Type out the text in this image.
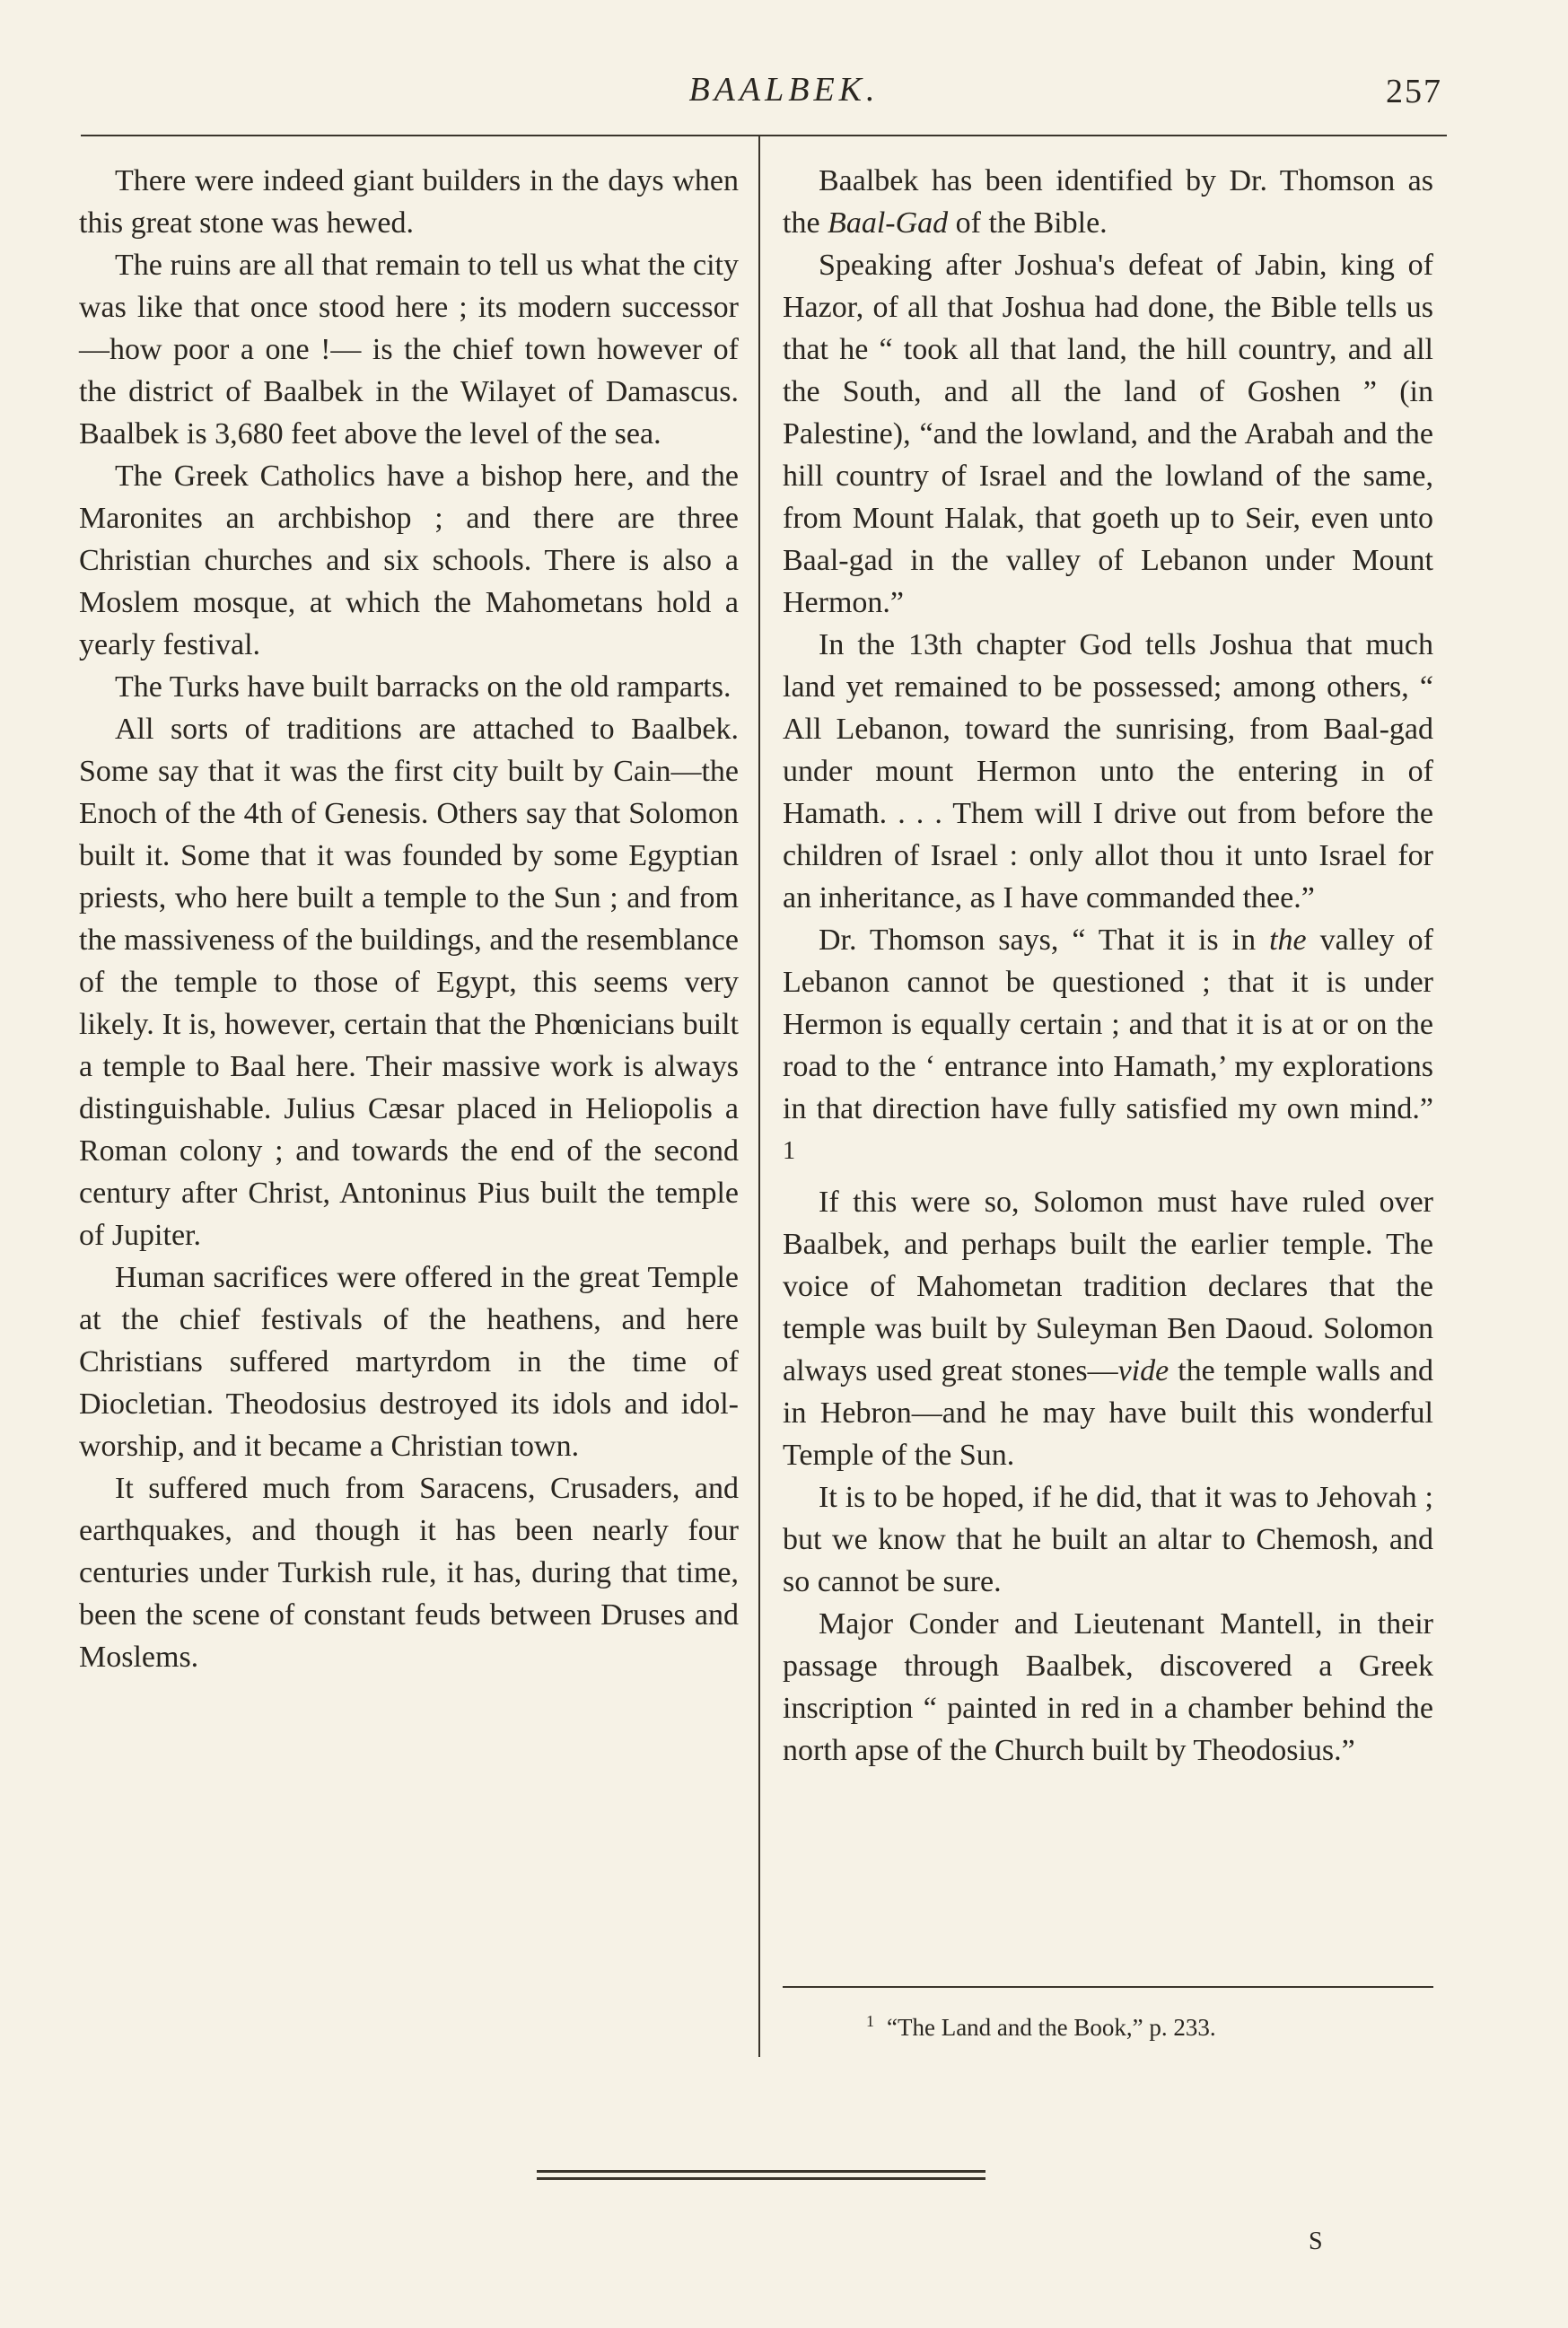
BAALBEK.	257

There were indeed giant builders in the days when this great stone was hewed.

The ruins are all that remain to tell us what the city was like that once stood here ; its modern successor—how poor a one !— is the chief town however of the district of Baalbek in the Wilayet of Damascus. Baalbek is 3,680 feet above the level of the sea.

The Greek Catholics have a bishop here, and the Maronites an archbishop ; and there are three Christian churches and six schools. There is also a Moslem mosque, at which the Mahometans hold a yearly festival.

The Turks have built barracks on the old ramparts.

All sorts of traditions are attached to Baalbek. Some say that it was the first city built by Cain—the Enoch of the 4th of Genesis. Others say that Solomon built it. Some that it was founded by some Egyptian priests, who here built a temple to the Sun ; and from the massiveness of the buildings, and the resemblance of the temple to those of Egypt, this seems very likely. It is, however, certain that the Phœnicians built a temple to Baal here. Their massive work is always distinguishable. Julius Cæsar placed in Heliopolis a Roman colony ; and towards the end of the second century after Christ, Antoninus Pius built the temple of Jupiter.

Human sacrifices were offered in the great Temple at the chief festivals of the heathens, and here Christians suffered martyrdom in the time of Diocletian. Theodosius destroyed its idols and idol-worship, and it became a Christian town.

It suffered much from Saracens, Crusaders, and earthquakes, and though it has been nearly four centuries under Turkish rule, it has, during that time, been the scene of constant feuds between Druses and Moslems.

Baalbek has been identified by Dr. Thomson as the Baal-Gad of the Bible.

Speaking after Joshua's defeat of Jabin, king of Hazor, of all that Joshua had done, the Bible tells us that he “ took all that land, the hill country, and all the South, and all the land of Goshen ” (in Palestine), “and the lowland, and the Arabah and the hill country of Israel and the lowland of the same, from Mount Halak, that goeth up to Seir, even unto Baal-gad in the valley of Lebanon under Mount Hermon.”

In the 13th chapter God tells Joshua that much land yet remained to be possessed; among others, “ All Lebanon, toward the sunrising, from Baal-gad under mount Hermon unto the entering in of Hamath. . . . Them will I drive out from before the children of Israel : only allot thou it unto Israel for an inheritance, as I have commanded thee.”

Dr. Thomson says, “ That it is in the valley of Lebanon cannot be questioned ; that it is under Hermon is equally certain ; and that it is at or on the road to the ‘ entrance into Hamath,’ my explorations in that direction have fully satisfied my own mind.” $^1$

If this were so, Solomon must have ruled over Baalbek, and perhaps built the earlier temple. The voice of Mahometan tradition declares that the temple was built by Suleyman Ben Daoud. Solomon always used great stones—vide the temple walls and in Hebron—and he may have built this wonderful Temple of the Sun.

It is to be hoped, if he did, that it was to Jehovah ; but we know that he built an altar to Chemosh, and so cannot be sure.

Major Conder and Lieutenant Mantell, in their passage through Baalbek, discovered a Greek inscription “ painted in red in a chamber behind the north apse of the Church built by Theodosius.”

$^1$ “The Land and the Book,” p. 233.
S
